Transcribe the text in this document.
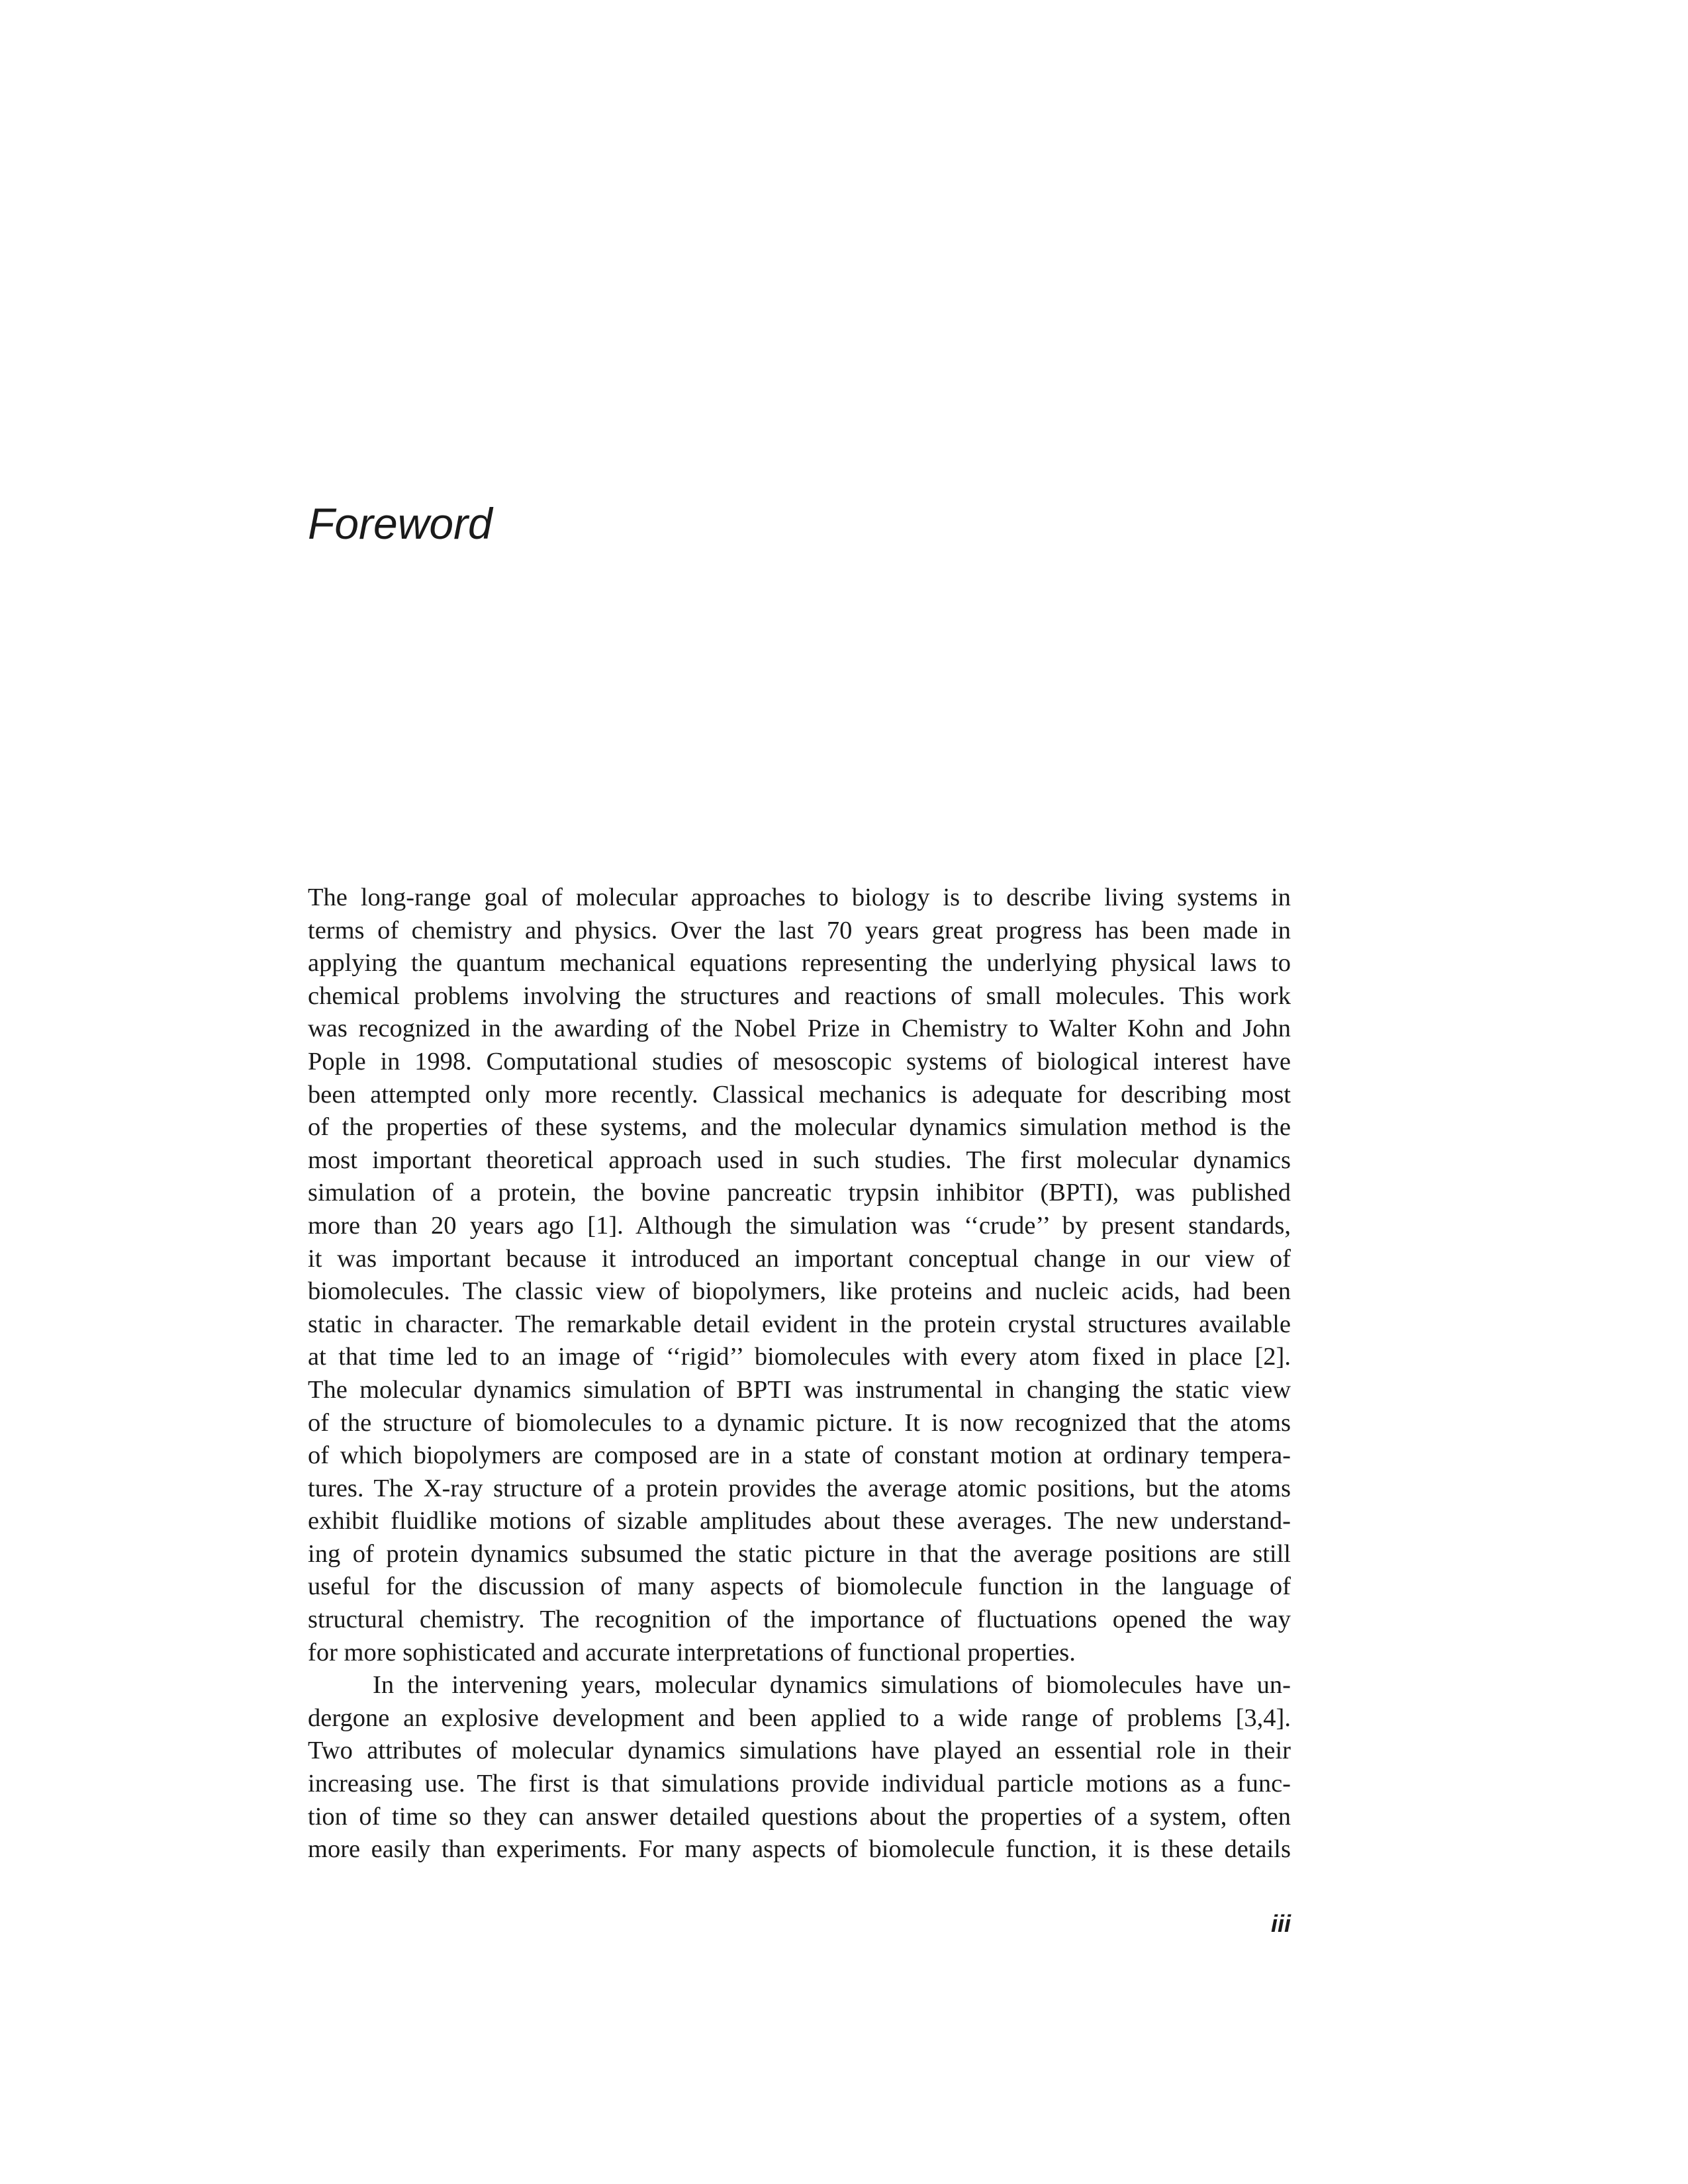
Foreword
The long-range goal of molecular approaches to biology is to describe living systems in
terms of chemistry and physics. Over the last 70 years great progress has been made in
applying the quantum mechanical equations representing the underlying physical laws to
chemical problems involving the structures and reactions of small molecules. This work
was recognized in the awarding of the Nobel Prize in Chemistry to Walter Kohn and John
Pople in 1998. Computational studies of mesoscopic systems of biological interest have
been attempted only more recently. Classical mechanics is adequate for describing most
of the properties of these systems, and the molecular dynamics simulation method is the
most important theoretical approach used in such studies. The first molecular dynamics
simulation of a protein, the bovine pancreatic trypsin inhibitor (BPTI), was published
more than 20 years ago [1]. Although the simulation was ‘‘crude’’ by present standards,
it was important because it introduced an important conceptual change in our view of
biomolecules. The classic view of biopolymers, like proteins and nucleic acids, had been
static in character. The remarkable detail evident in the protein crystal structures available
at that time led to an image of ‘‘rigid’’ biomolecules with every atom fixed in place [2].
The molecular dynamics simulation of BPTI was instrumental in changing the static view
of the structure of biomolecules to a dynamic picture. It is now recognized that the atoms
of which biopolymers are composed are in a state of constant motion at ordinary tempera-
tures. The X-ray structure of a protein provides the average atomic positions, but the atoms
exhibit fluidlike motions of sizable amplitudes about these averages. The new understand-
ing of protein dynamics subsumed the static picture in that the average positions are still
useful for the discussion of many aspects of biomolecule function in the language of
structural chemistry. The recognition of the importance of fluctuations opened the way
for more sophisticated and accurate interpretations of functional properties.
In the intervening years, molecular dynamics simulations of biomolecules have un-
dergone an explosive development and been applied to a wide range of problems [3,4].
Two attributes of molecular dynamics simulations have played an essential role in their
increasing use. The first is that simulations provide individual particle motions as a func-
tion of time so they can answer detailed questions about the properties of a system, often
more easily than experiments. For many aspects of biomolecule function, it is these details

iii
